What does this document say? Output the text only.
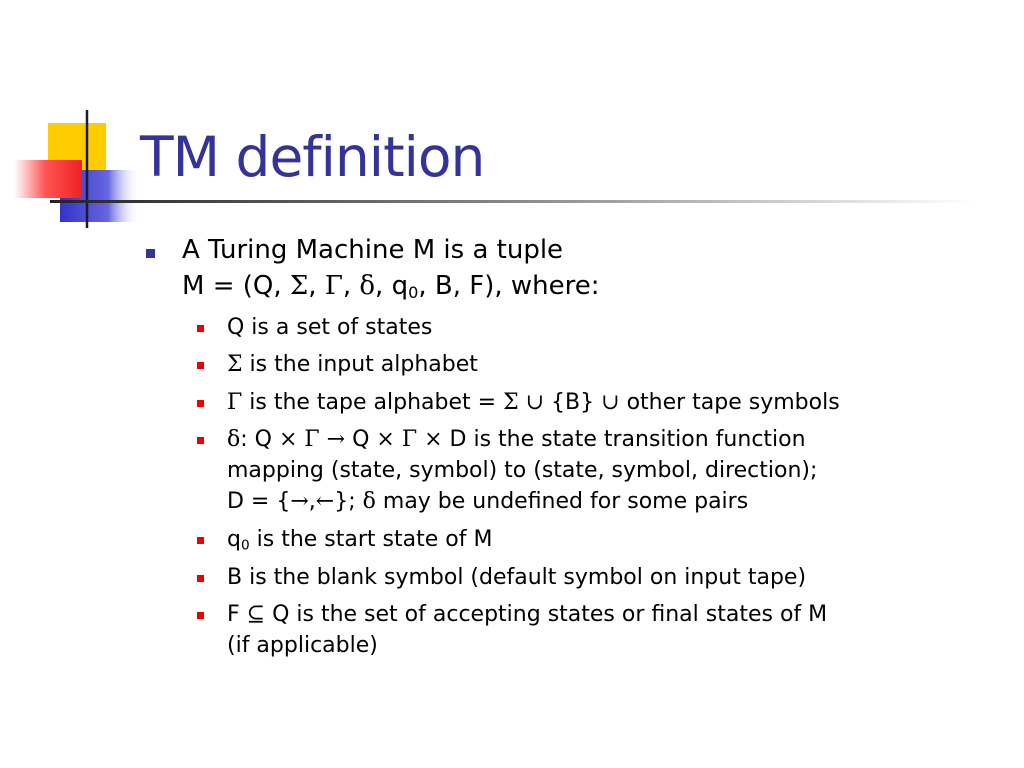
TM definition
A Turing Machine M is a tuple
M = (Q, Σ, Γ, δ, $q_0$, B, F), where:
Q is a set of states
Σ is the input alphabet
Γ is the tape alphabet = Σ ∪ {B} ∪ other tape symbols
δ: Q × Γ → Q × Γ × D is the state transition function
mapping (state, symbol) to (state, symbol, direction);
D = {→,←}; δ may be undefined for some pairs
$q_0$ is the start state of M
B is the blank symbol (default symbol on input tape)
F ⊆ Q is the set of accepting states or final states of M
(if applicable)
